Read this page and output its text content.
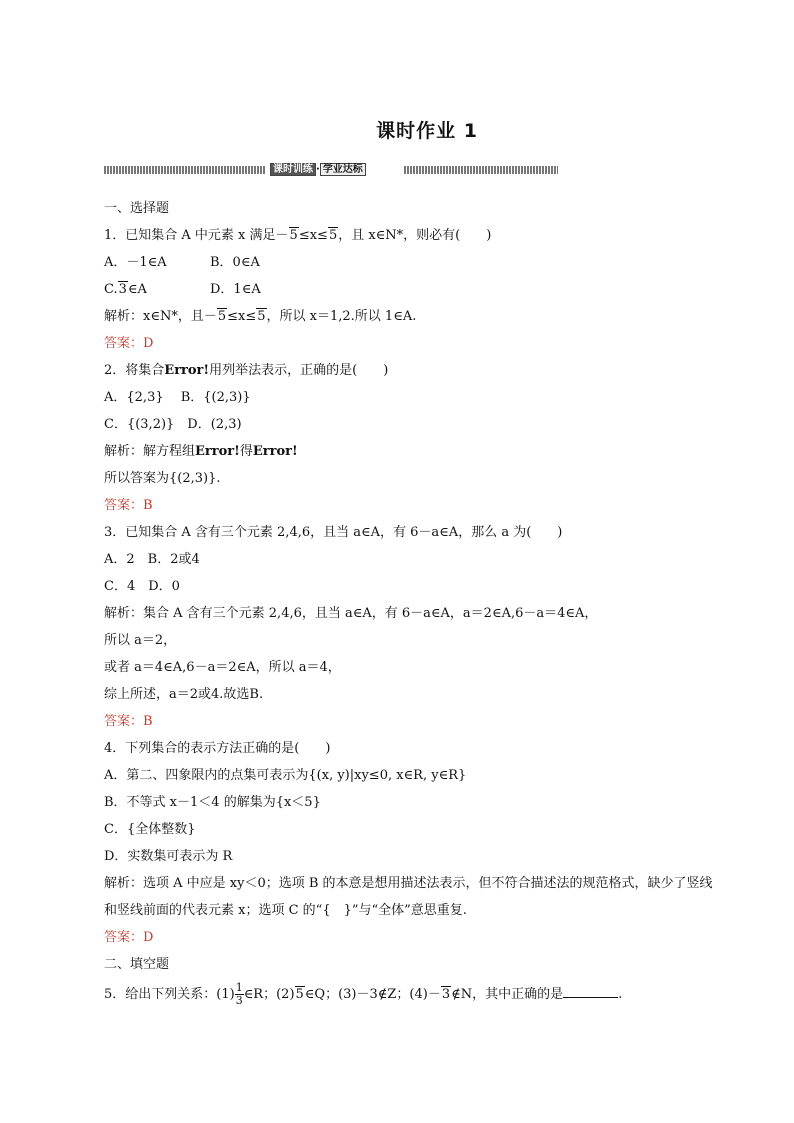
课时作业 1
课时训练 · 学业达标
一、选择题
1．已知集合 A 中元素 x 满足－5≤x≤5，且 x∈N*，则必有(　　)
A．－1∈A	B．0∈A
C.3∈A	D．1∈A
解析：x∈N*，且－5≤x≤5，所以 x＝1,2.所以 1∈A.
答案：D
2．将集合Error!用列举法表示，正确的是(　　)
A．{2,3}　 B．{(2,3)}
C．{(3,2)}　D．(2,3)
解析：解方程组Error!得Error!
所以答案为{(2,3)}.
答案：B
3．已知集合 A 含有三个元素 2,4,6，且当 a∈A，有 6－a∈A，那么 a 为(　　)
A．2　B．2或4
C．4　D．0
解析：集合 A 含有三个元素 2,4,6，且当 a∈A，有 6－a∈A，a＝2∈A,6－a＝4∈A，
所以 a＝2，
或者 a＝4∈A,6－a＝2∈A，所以 a＝4，
综上所述，a＝2或4.故选B.
答案：B
4．下列集合的表示方法正确的是(　　)
A．第二、四象限内的点集可表示为{(x, y)|xy≤0, x∈R, y∈R}
B．不等式 x－1＜4 的解集为{x＜5}
C．{全体整数}
D．实数集可表示为 R
解析：选项 A 中应是 xy＜0；选项 B 的本意是想用描述法表示，但不符合描述法的规范格式，缺少了竖线和竖线前面的代表元素 x；选项 C 的“{　}”与“全体”意思重复.
答案：D
二、填空题
5．给出下列关系：$(1) \frac{1}{3}$ ∈R；(2)5∈Q；(3)－3∉Z；(4)－3∉N，其中正确的是	.
